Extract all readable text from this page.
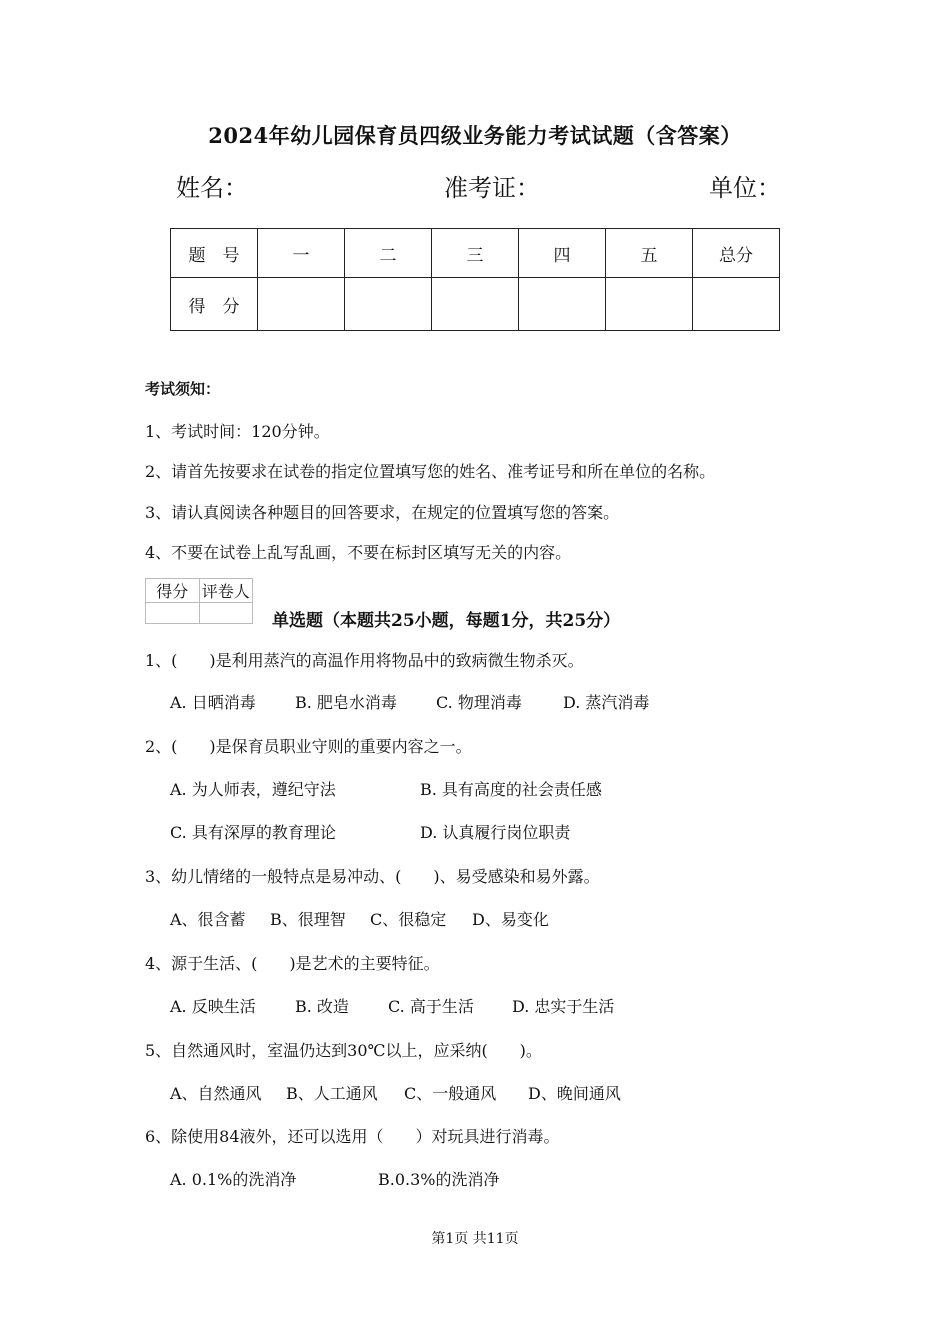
2024年幼儿园保育员四级业务能力考试试题（含答案）
姓名：	准考证：	单位：
题　号	一	二	三	四	五	总分
得　分						
考试须知：
1、考试时间：120分钟。
2、请首先按要求在试卷的指定位置填写您的姓名、准考证号和所在单位的名称。
3、请认真阅读各种题目的回答要求，在规定的位置填写您的答案。
4、不要在试卷上乱写乱画，不要在标封区填写无关的内容。
得分	评卷人

单选题（本题共25小题，每题1分，共25分）
1、(　　)是利用蒸汽的高温作用将物品中的致病微生物杀灭。
A. 日晒消毒 B. 肥皂水消毒 C. 物理消毒	D. 蒸汽消毒
2、(　　)是保育员职业守则的重要内容之一。
A. 为人师表，遵纪守法	B. 具有高度的社会责任感
C. 具有深厚的教育理论	D. 认真履行岗位职责
3、幼儿情绪的一般特点是易冲动、(　　)、易受感染和易外露。
A、很含蓄 B、很理智 C、很稳定 D、易变化
4、源于生活、(　　)是艺术的主要特征。
A. 反映生活 B. 改造 C. 高于生活 D. 忠实于生活
5、自然通风时，室温仍达到30℃以上，应采纳(　　)。
A、自然通风 B、人工通风 C、一般通风 D、晚间通风
6、除使用84液外，还可以选用（　　）对玩具进行消毒。
A. 0.1%的洗消净	B.0.3%的洗消净
第1页 共11页
